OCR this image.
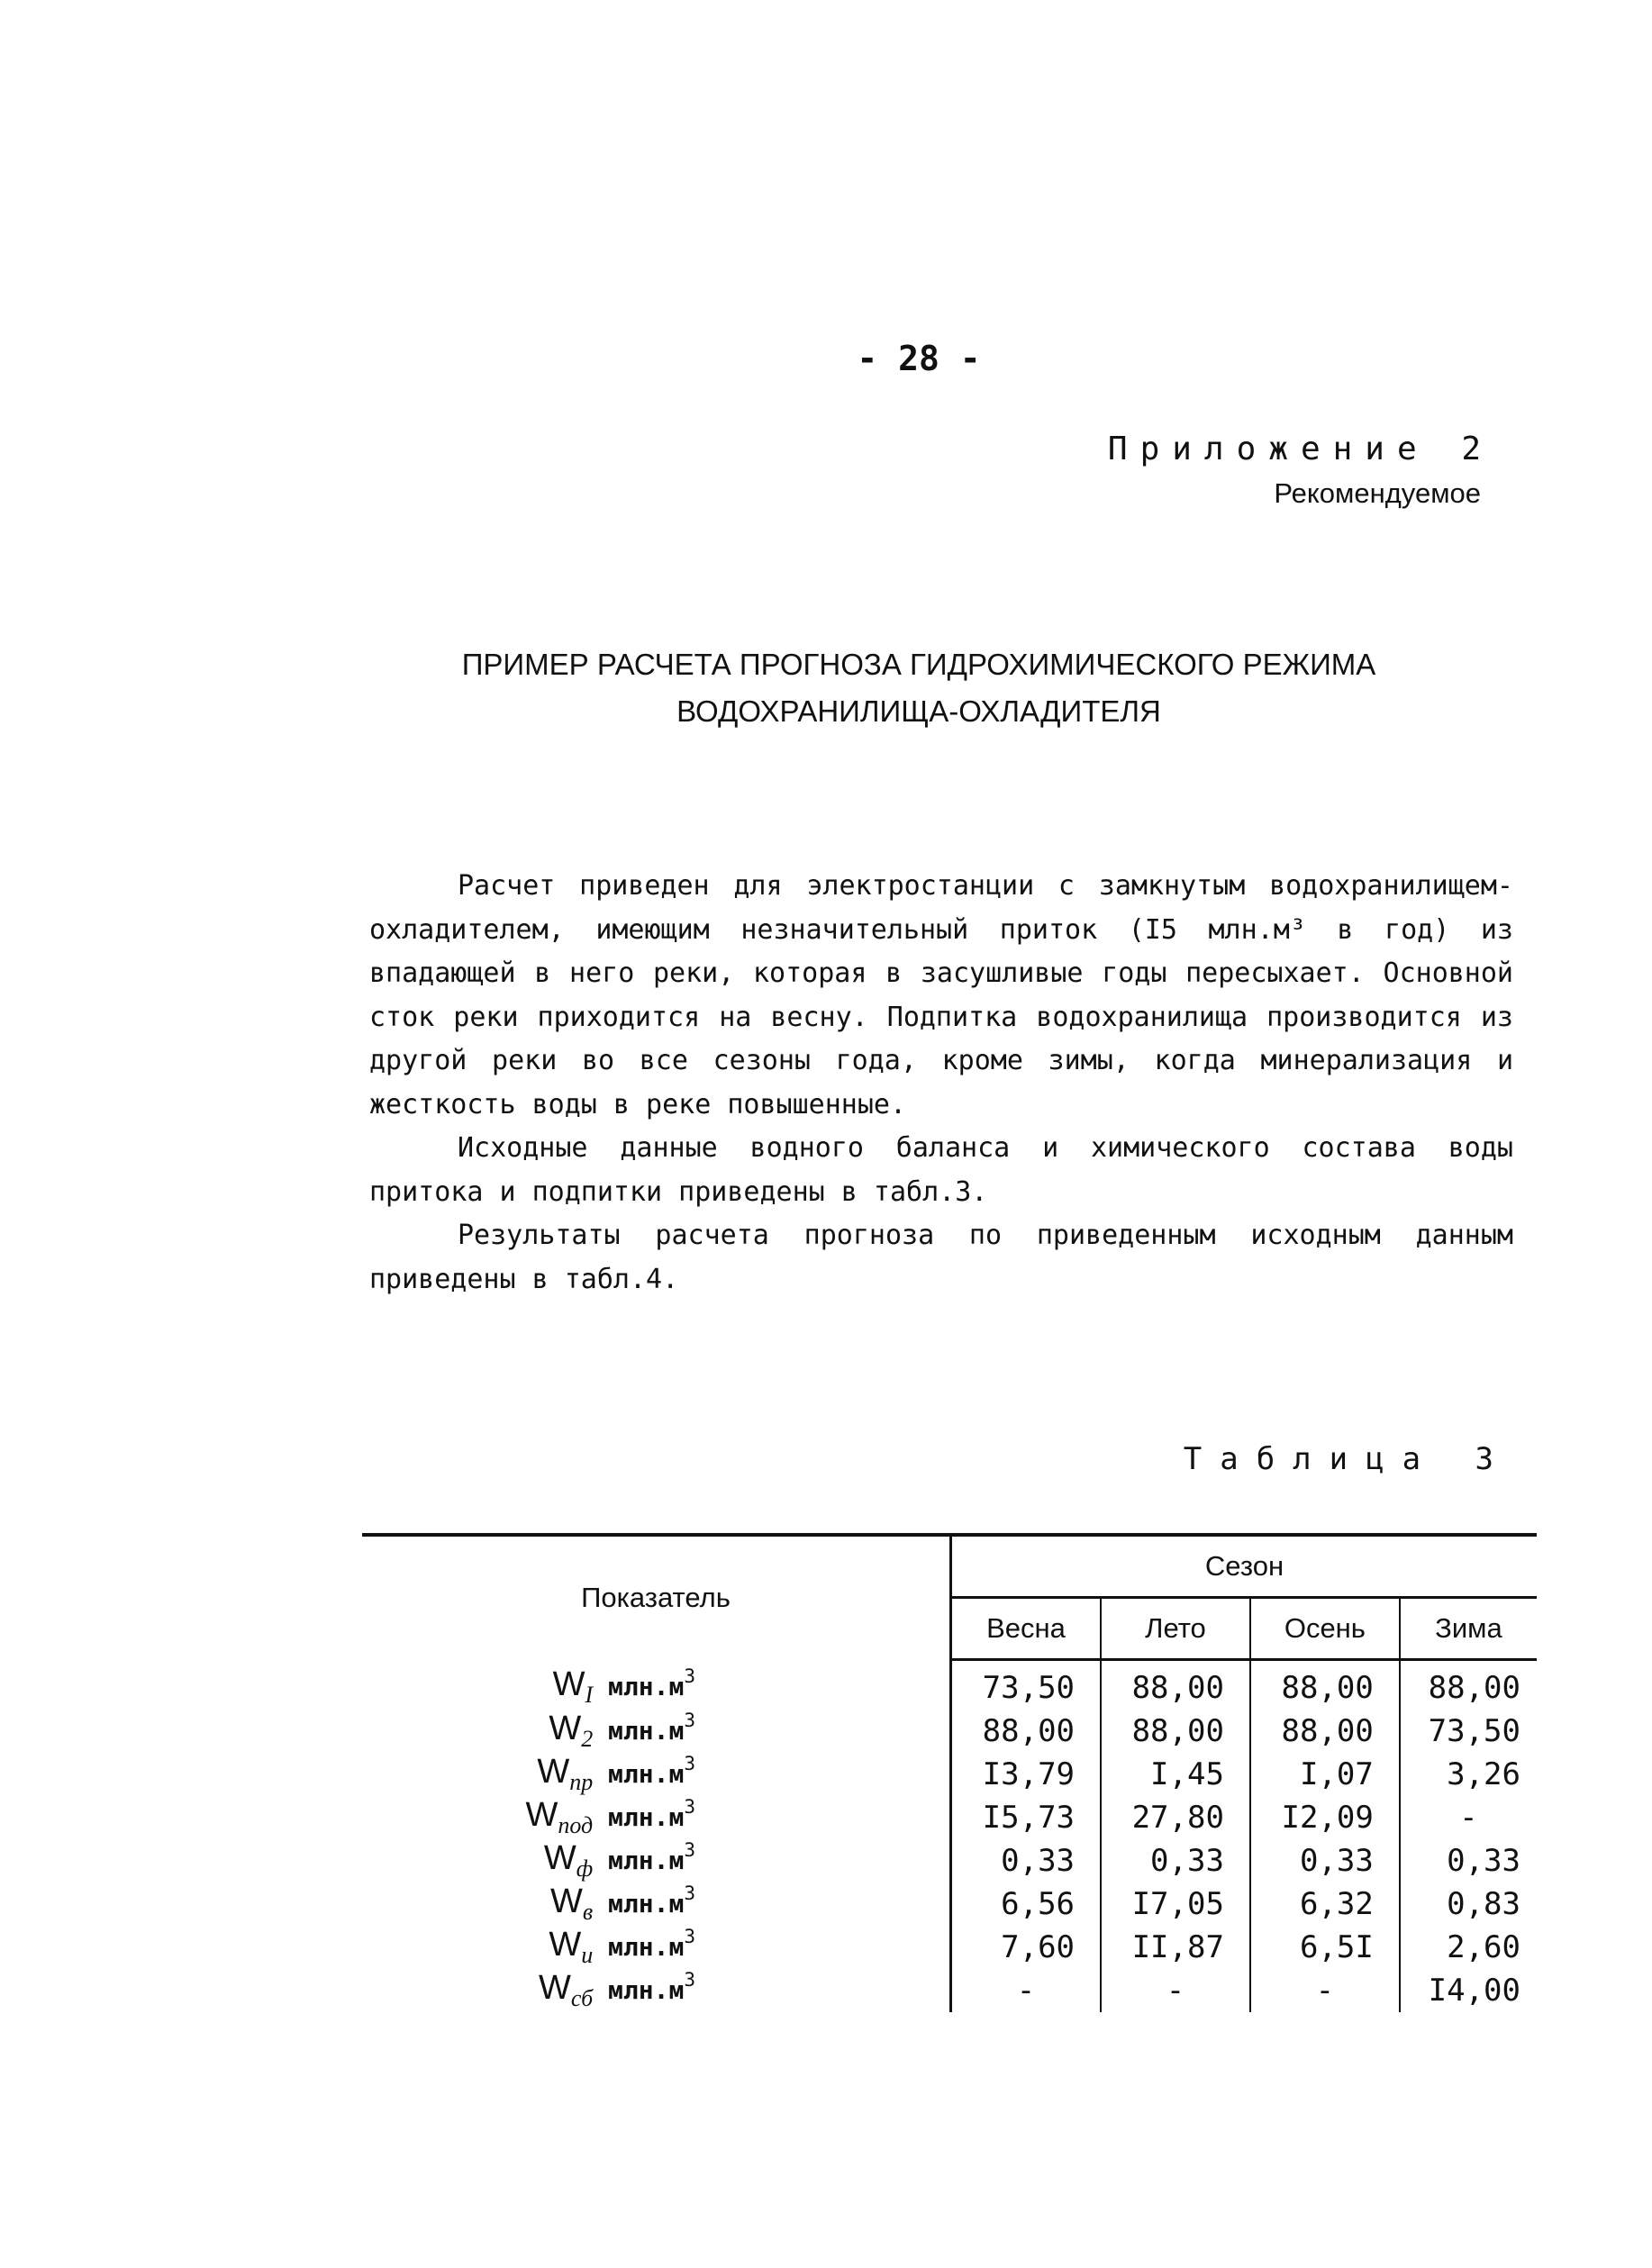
- 28 -
Приложение 2
Рекомендуемое
ПРИМЕР РАСЧЕТА ПРОГНОЗА ГИДРОХИМИЧЕСКОГО РЕЖИМА
ВОДОХРАНИЛИЩА-ОХЛАДИТЕЛЯ

Расчет приведен для электростанции с замкнутым водохранилищем-охладителем, имеющим незначительный приток (I5 млн.м³ в год) из впадающей в него реки, которая в засушливые годы пересыхает. Основной сток реки приходится на весну. Подпитка водохранилища производится из другой реки во все сезоны года, кроме зимы, когда минерализация и жесткость воды в реке повышенные.

Исходные данные водного баланса и химического состава воды притока и подпитки приведены в табл.3.

Результаты расчета прогноза по приведенным исходным данным приведены в табл.4.

Таблица 3
Показатель	Сезон			
	Весна	Лето	Осень	Зима
$W_I$ $млн.м^3$	73,50	88,00	88,00	88,00
$W_2$ $млн.м^3$	88,00	88,00	88,00	73,50
$W_{пр}$ $млн.м^3$	I3,79	I,45	I,07	3,26
$W_{под}$ $млн.м^3$	I5,73	27,80	I2,09	-
$W_ф$ $млн.м^3$	0,33	0,33	0,33	0,33
$W_в$ $млн.м^3$	6,56	I7,05	6,32	0,83
$W_и$ $млн.м^3$	7,60	II,87	6,5I	2,60
$W_{сб}$ $млн.м^3$	-	-	-	I4,00
